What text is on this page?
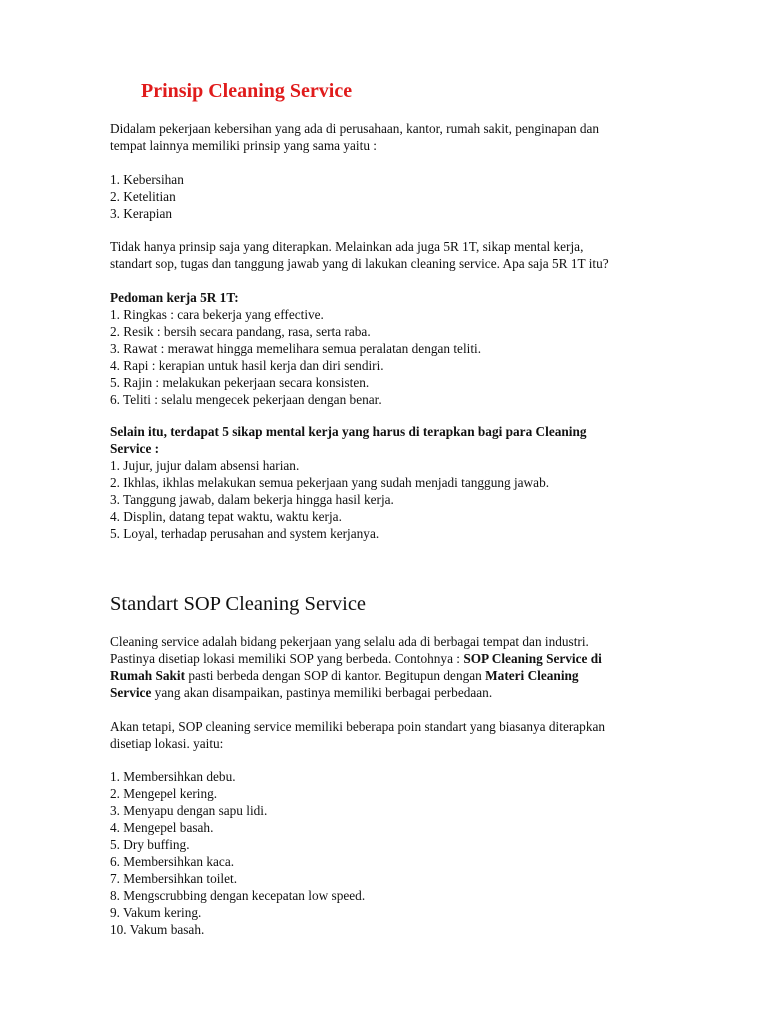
Prinsip Cleaning Service

Didalam pekerjaan kebersihan yang ada di perusahaan, kantor, rumah sakit, penginapan dan

tempat lainnya memiliki prinsip yang sama yaitu :

1. Kebersihan
2. Ketelitian
3. Kerapian

Tidak hanya prinsip saja yang diterapkan. Melainkan ada juga 5R 1T, sikap mental kerja,

standart sop, tugas dan tanggung jawab yang di lakukan cleaning service. Apa saja 5R 1T itu?

Pedoman kerja 5R 1T:

1. Ringkas : cara bekerja yang effective.
2. Resik : bersih secara pandang, rasa, serta raba.
3. Rawat : merawat hingga memelihara semua peralatan dengan teliti.
4. Rapi : kerapian untuk hasil kerja dan diri sendiri.
5. Rajin : melakukan pekerjaan secara konsisten.
6. Teliti : selalu mengecek pekerjaan dengan benar.

Selain itu, terdapat 5 sikap mental kerja yang harus di terapkan bagi para Cleaning

Service :

1. Jujur, jujur dalam absensi harian.
2. Ikhlas, ikhlas melakukan semua pekerjaan yang sudah menjadi tanggung jawab.
3. Tanggung jawab, dalam bekerja hingga hasil kerja.
4. Displin, datang tepat waktu, waktu kerja.
5. Loyal, terhadap perusahan and system kerjanya.
Standart SOP Cleaning Service

Cleaning service adalah bidang pekerjaan yang selalu ada di berbagai tempat dan industri.

Pastinya disetiap lokasi memiliki SOP yang berbeda. Contohnya : SOP Cleaning Service di

Rumah Sakit pasti berbeda dengan SOP di kantor. Begitupun dengan Materi Cleaning

Service yang akan disampaikan, pastinya memiliki berbagai perbedaan.

Akan tetapi, SOP cleaning service memiliki beberapa poin standart yang biasanya diterapkan

disetiap lokasi. yaitu:

1. Membersihkan debu.
2. Mengepel kering.
3. Menyapu dengan sapu lidi.
4. Mengepel basah.
5. Dry buffing.
6. Membersihkan kaca.
7. Membersihkan toilet.
8. Mengscrubbing dengan kecepatan low speed.
9. Vakum kering.
10. Vakum basah.
